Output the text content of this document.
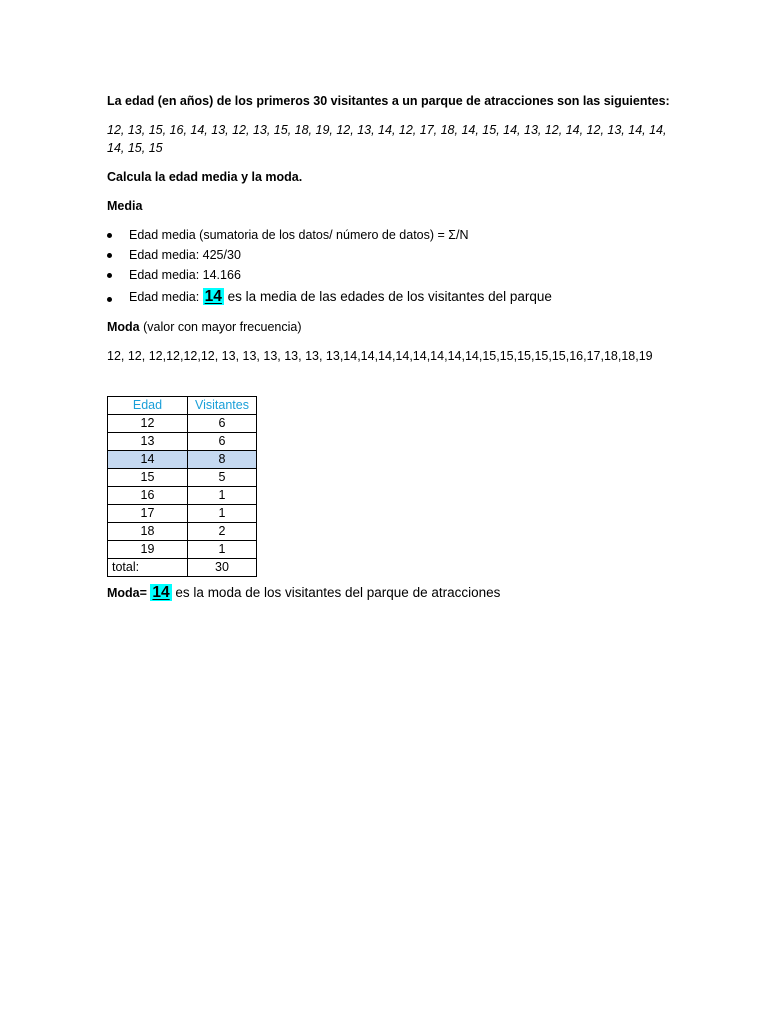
La edad (en años) de los primeros 30 visitantes a un parque de atracciones son las siguientes:
12, 13, 15, 16, 14, 13, 12, 13, 15, 18, 19, 12, 13, 14, 12, 17, 18, 14, 15, 14, 13, 12, 14, 12, 13, 14, 14,
14, 15, 15
Calcula la edad media y la moda.
Media
Edad media (sumatoria de los datos/ número de datos) = Σ/N
Edad media: 425/30
Edad media: 14.166
Edad media: 14 es la media de las edades de los visitantes del parque
Moda (valor con mayor frecuencia)
12, 12, 12,12,12,12, 13, 13, 13, 13, 13, 13,14,14,14,14,14,14,14,14,15,15,15,15,15,16,17,18,18,19
Edad	Visitantes
12	6
13	6
14	8
15	5
16	1
17	1
18	2
19	1
total:	30
Moda= 14 es la moda de los visitantes del parque de atracciones
